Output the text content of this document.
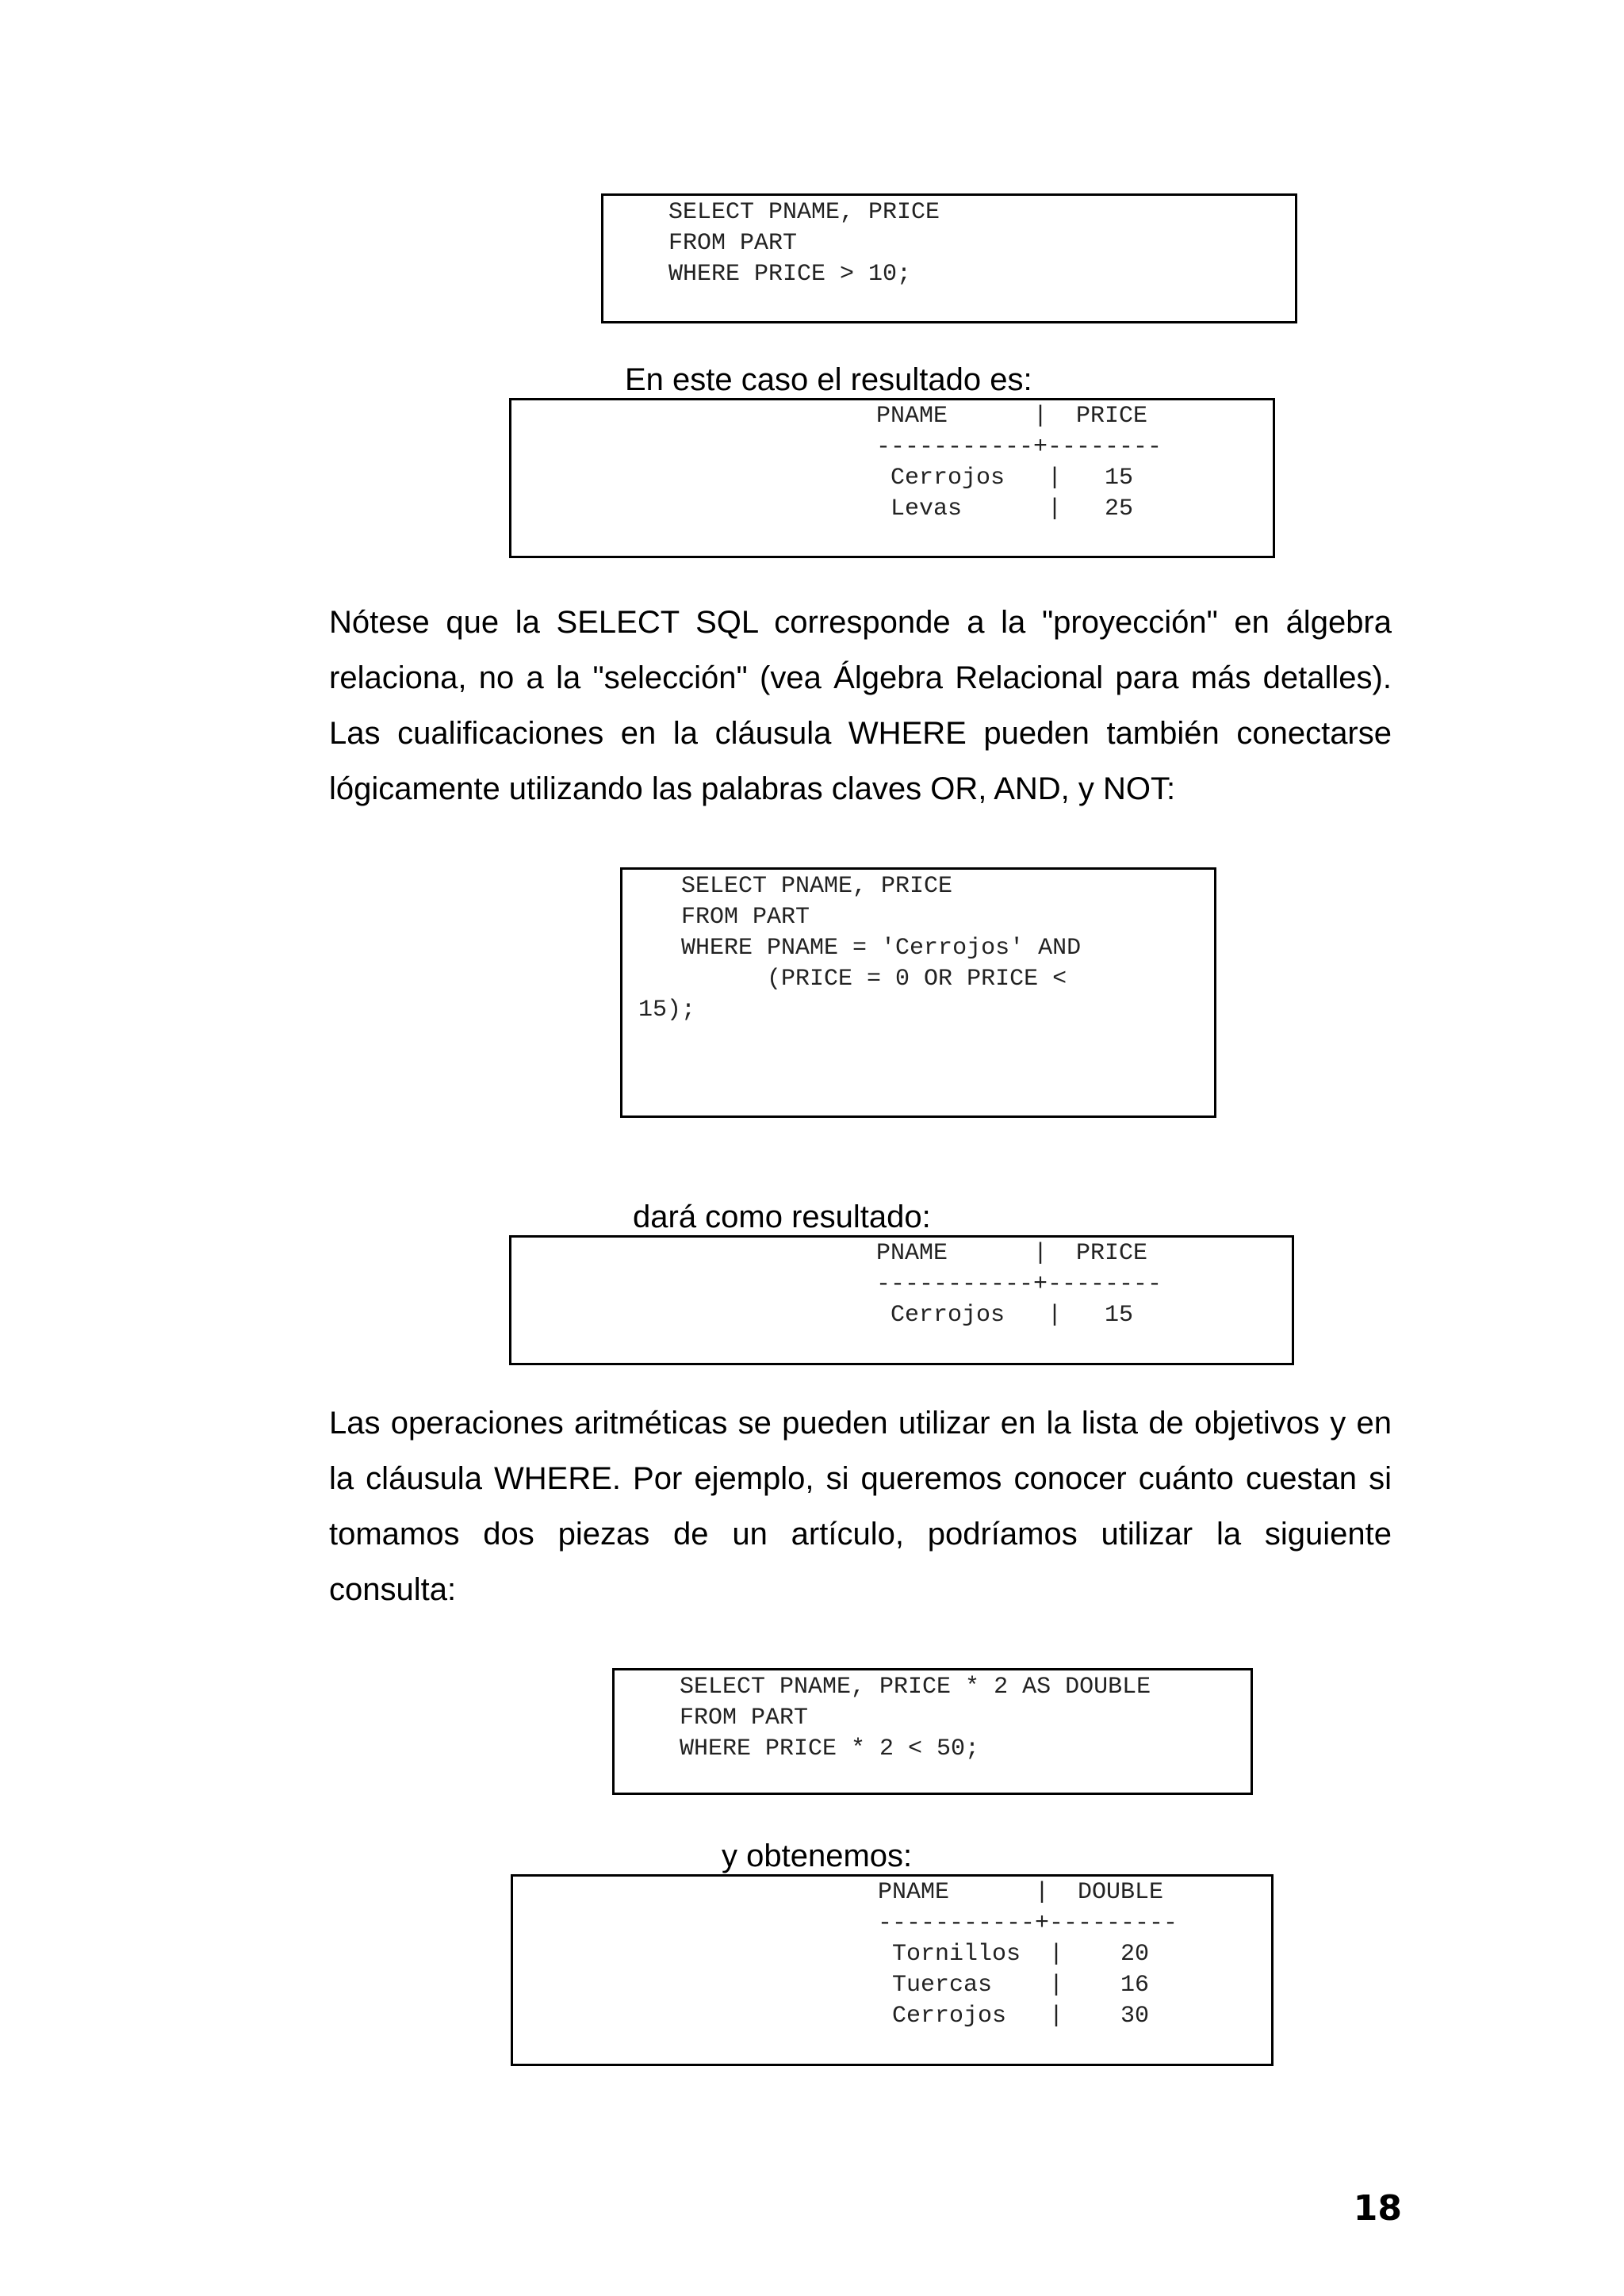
SELECT PNAME, PRICE
FROM PART
WHERE PRICE > 10;
En este caso el resultado es:
PNAME      |  PRICE
-----------+--------
Cerrojos   |   15
Levas      |   25
Nótese que la SELECT SQL corresponde a la "proyección" en álgebra
relaciona, no a la "selección" (vea Álgebra Relacional para más detalles).
Las cualificaciones en la cláusula WHERE pueden también conectarse
lógicamente utilizando las palabras claves OR, AND, y NOT:
SELECT PNAME, PRICE
FROM PART
WHERE PNAME = 'Cerrojos' AND
(PRICE = 0 OR PRICE <
15);
dará como resultado:
PNAME      |  PRICE
-----------+--------
Cerrojos   |   15
Las operaciones aritméticas se pueden utilizar en la lista de objetivos y en
la cláusula WHERE. Por ejemplo, si queremos conocer cuánto cuestan si
tomamos dos piezas de un artículo, podríamos utilizar la siguiente
consulta:
SELECT PNAME, PRICE * 2 AS DOUBLE
FROM PART
WHERE PRICE * 2 < 50;
y obtenemos:
PNAME      |  DOUBLE
-----------+---------
Tornillos  |    20
Tuercas    |    16
Cerrojos   |    30
18
